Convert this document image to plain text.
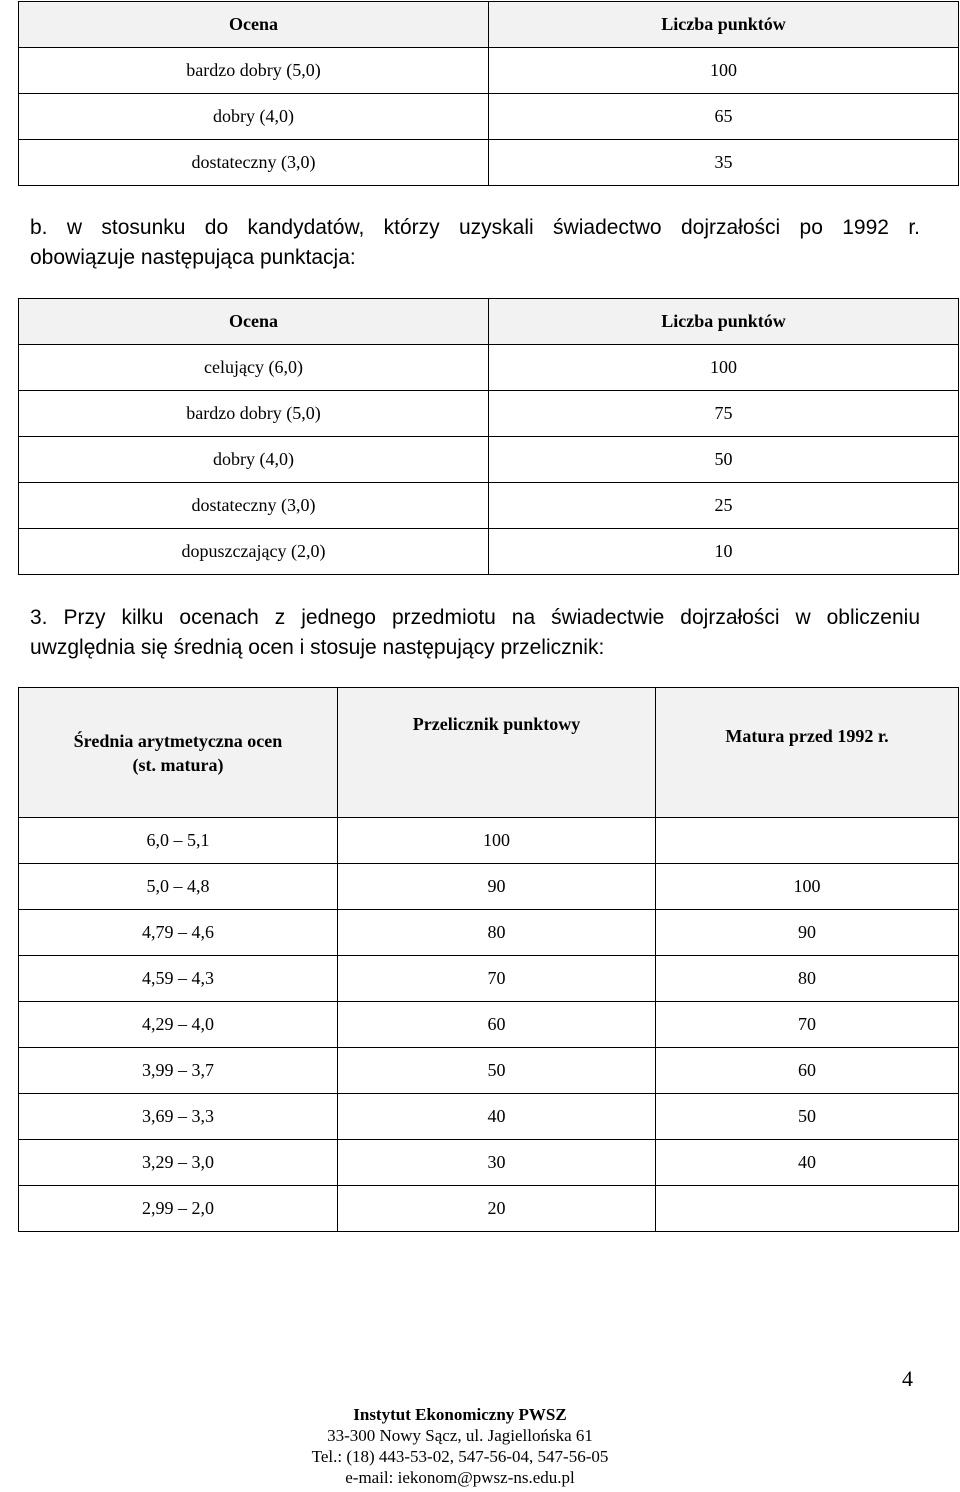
Ocena	Liczba punktów
bardzo dobry (5,0)	100
dobry (4,0)	65
dostateczny (3,0)	35
b. w stosunku do kandydatów, którzy uzyskali świadectwo dojrzałości po 1992 r.
obowiązuje następująca punktacja:
Ocena	Liczba punktów
celujący (6,0)	100
bardzo dobry (5,0)	75
dobry (4,0)	50
dostateczny (3,0)	25
dopuszczający (2,0)	10
3. Przy kilku ocenach z jednego przedmiotu na świadectwie dojrzałości w obliczeniu
uwzględnia się średnią ocen i stosuje następujący przelicznik:
Średnia arytmetyczna ocen
(st. matura)	Przelicznik punktowy	Matura przed 1992 r.
6,0 – 5,1	100	
5,0 – 4,8	90	100
4,79 – 4,6	80	90
4,59 – 4,3	70	80
4,29 – 4,0	60	70
3,99 – 3,7	50	60
3,69 – 3,3	40	50
3,29 – 3,0	30	40
2,99 – 2,0	20	
4
Instytut Ekonomiczny PWSZ
33-300 Nowy Sącz, ul. Jagiellońska 61
Tel.: (18) 443-53-02, 547-56-04, 547-56-05
e-mail: iekonom@pwsz-ns.edu.pl
